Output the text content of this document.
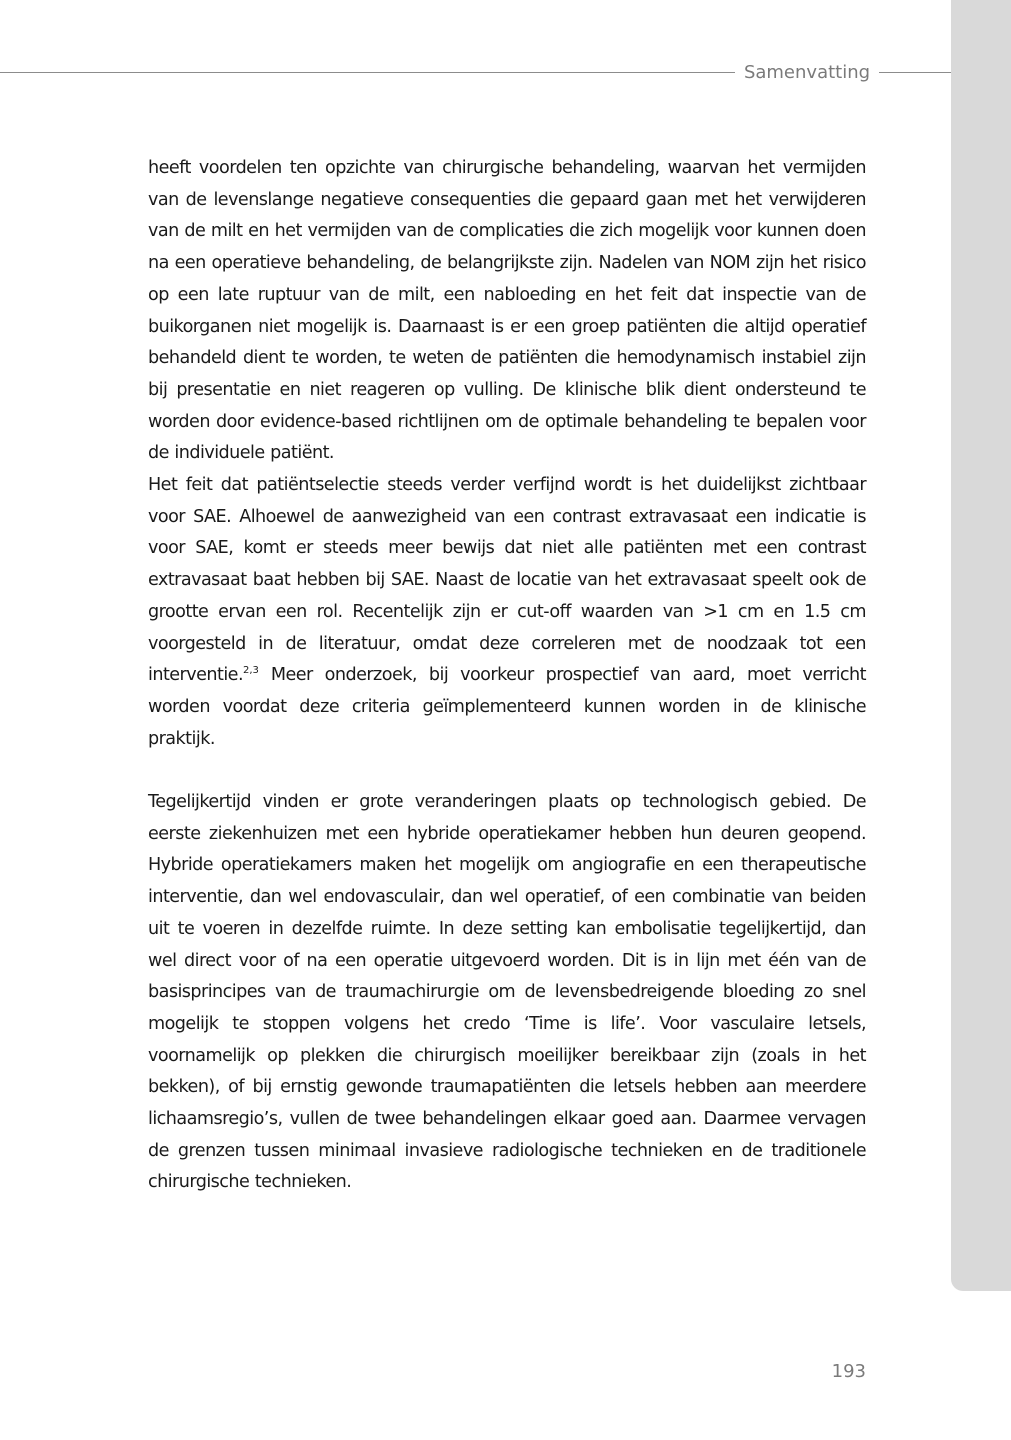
Samenvatting

heeft voordelen ten opzichte van chirurgische behandeling, waarvan het vermijden van de levenslange negatieve consequenties die gepaard gaan met het verwijderen van de milt en het vermijden van de complicaties die zich mogelijk voor kunnen doen na een operatieve behandeling, de belangrijkste zijn. Nadelen van NOM zijn het risico op een late ruptuur van de milt, een nabloeding en het feit dat inspectie van de buikorganen niet mogelijk is. Daarnaast is er een groep patiënten die altijd operatief behandeld dient te worden, te weten de patiënten die hemodynamisch instabiel zijn bij presentatie en niet reageren op vulling. De klinische blik dient ondersteund te worden door evidence-based richtlijnen om de optimale behandeling te bepalen voor de individuele patiënt.

Het feit dat patiëntselectie steeds verder verfijnd wordt is het duidelijkst zichtbaar voor SAE. Alhoewel de aanwezigheid van een contrast extravasaat een indicatie is voor SAE, komt er steeds meer bewijs dat niet alle patiënten met een contrast extravasaat baat hebben bij SAE. Naast de locatie van het extravasaat speelt ook de grootte ervan een rol. Recentelijk zijn er cut-off waarden van >1 cm en 1.5 cm voorgesteld in de literatuur, omdat deze correleren met de noodzaak tot een interventie.$^{2,3}$ Meer onderzoek, bij voorkeur prospectief van aard, moet verricht worden voordat deze criteria geïmplementeerd kunnen worden in de klinische praktijk.

Tegelijkertijd vinden er grote veranderingen plaats op technologisch gebied. De eerste ziekenhuizen met een hybride operatiekamer hebben hun deuren geopend. Hybride operatiekamers maken het mogelijk om angiografie en een therapeutische interventie, dan wel endovasculair, dan wel operatief, of een combinatie van beiden uit te voeren in dezelfde ruimte. In deze setting kan embolisatie tegelijkertijd, dan wel direct voor of na een operatie uitgevoerd worden. Dit is in lijn met één van de basisprincipes van de traumachirurgie om de levensbedreigende bloeding zo snel mogelijk te stoppen volgens het credo ‘Time is life’. Voor vasculaire letsels, voornamelijk op plekken die chirurgisch moeilijker bereikbaar zijn (zoals in het bekken), of bij ernstig gewonde traumapatiënten die letsels hebben aan meerdere lichaamsregio’s, vullen de twee behandelingen elkaar goed aan. Daarmee vervagen de grenzen tussen minimaal invasieve radiologische technieken en de traditionele chirurgische technieken.

193
